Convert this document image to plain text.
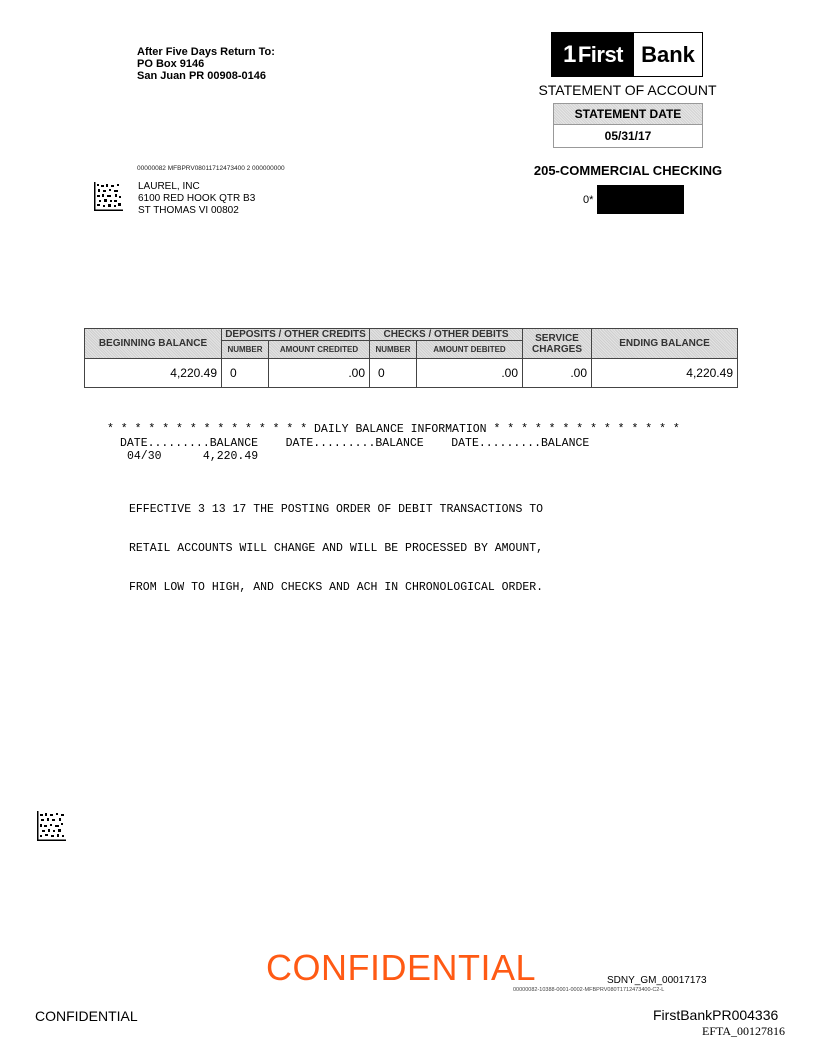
After Five Days Return To:
PO Box 9146
San Juan PR 00908-0146
1 First Bank
STATEMENT OF ACCOUNT
STATEMENT DATE
05/31/17
205-COMMERCIAL CHECKING
0*
00000082 MFBPRV08011712473400 2 000000000
LAUREL, INC
6100 RED HOOK QTR B3
ST THOMAS VI 00802
BEGINNING BALANCE	DEPOSITS / OTHER CREDITS		CHECKS / OTHER DEBITS		SERVICE CHARGES	ENDING BALANCE
	NUMBER	AMOUNT CREDITED	NUMBER	AMOUNT DEBITED		
4,220.49	0	.00	0	.00	.00	4,220.49
* * * * * * * * * * * * * * * DAILY BALANCE INFORMATION * * * * * * * * * * * * * *
DATE.........BALANCE    DATE.........BALANCE    DATE.........BALANCE
04/30      4,220.49

EFFECTIVE 3 13 17 THE POSTING ORDER OF DEBIT TRANSACTIONS TO

RETAIL ACCOUNTS WILL CHANGE AND WILL BE PROCESSED BY AMOUNT,

FROM LOW TO HIGH, AND CHECKS AND ACH IN CHRONOLOGICAL ORDER.

CONFIDENTIAL	SDNY_GM_00017173
00000082-10388-0001-0002-MFBPRV080T1712473400-C2-L
CONFIDENTIAL	FirstBankPR004336
EFTA_00127816
